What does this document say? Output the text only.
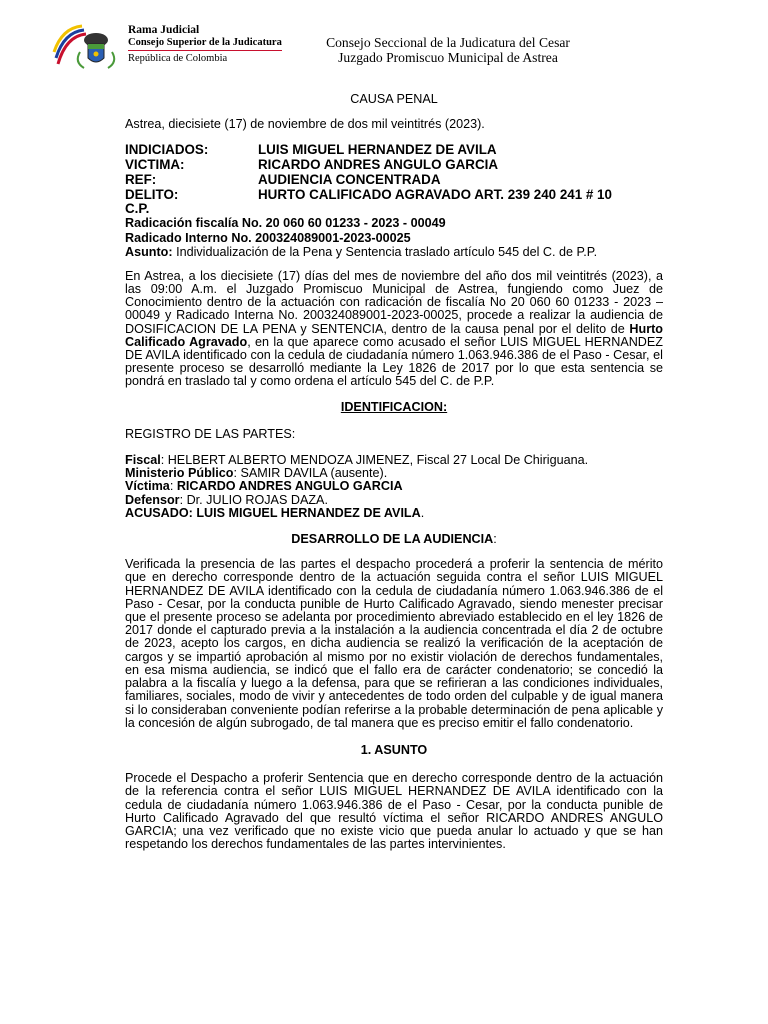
Rama Judicial
Consejo Superior de la Judicatura
República de Colombia
Consejo Seccional de la Judicatura del Cesar
Juzgado Promiscuo Municipal de Astrea

CAUSA PENAL

Astrea, diecisiete (17) de noviembre de dos mil veintitrés (2023).

INDICIADOS:	LUIS MIGUEL HERNANDEZ DE AVILA
VICTIMA:	RICARDO ANDRES ANGULO GARCIA
REF:	AUDIENCIA CONCENTRADA
DELITO:	HURTO CALIFICADO AGRAVADO ART. 239 240 241 # 10
C.P.
Radicación fiscalía No. 20 060 60 01233 - 2023 - 00049
Radicado Interno No. 200324089001-2023-00025
Asunto: Individualización de la Pena y Sentencia traslado artículo 545 del C. de P.P.

En Astrea, a los diecisiete (17) días del mes de noviembre del año dos mil veintitrés (2023), a las 09:00 A.m. el Juzgado Promiscuo Municipal de Astrea, fungiendo como Juez de Conocimiento dentro de la actuación con radicación de fiscalía No 20 060 60 01233 - 2023 – 00049 y Radicado Interna No. 200324089001-2023-00025, procede a realizar la audiencia de DOSIFICACION DE LA PENA y SENTENCIA, dentro de la causa penal por el delito de Hurto Calificado Agravado, en la que aparece como acusado el señor LUIS MIGUEL HERNANDEZ DE AVILA identificado con la cedula de ciudadanía número 1.063.946.386 de el Paso - Cesar, el presente proceso se desarrolló mediante la Ley 1826 de 2017 por lo que esta sentencia se pondrá en traslado tal y como ordena el artículo 545 del C. de P.P.

IDENTIFICACION:

REGISTRO DE LAS PARTES:

Fiscal: HELBERT ALBERTO MENDOZA JIMENEZ, Fiscal 27 Local De Chiriguana.
Ministerio Público: SAMIR DAVILA (ausente).
Víctima: RICARDO ANDRES ANGULO GARCIA
Defensor: Dr. JULIO ROJAS DAZA.
ACUSADO: LUIS MIGUEL HERNANDEZ DE AVILA.

DESARROLLO DE LA AUDIENCIA:

Verificada la presencia de las partes el despacho procederá a proferir la sentencia de mérito que en derecho corresponde dentro de la actuación seguida contra el señor LUIS MIGUEL HERNANDEZ DE AVILA identificado con la cedula de ciudadanía número 1.063.946.386 de el Paso - Cesar, por la conducta punible de Hurto Calificado Agravado, siendo menester precisar que el presente proceso se adelanta por procedimiento abreviado establecido en el ley 1826 de 2017 donde el capturado previa a la instalación a la audiencia concentrada el día 2 de octubre de 2023, acepto los cargos, en dicha audiencia se realizó la verificación de la aceptación de cargos y se impartió aprobación al mismo por no existir violación de derechos fundamentales, en esa misma audiencia, se indicó que el fallo era de carácter condenatorio; se concedió la palabra a la fiscalía y luego a la defensa, para que se refirieran a las condiciones individuales, familiares, sociales, modo de vivir y antecedentes de todo orden del culpable y de igual manera si lo consideraban conveniente podían referirse a la probable determinación de pena aplicable y la concesión de algún subrogado, de tal manera que es preciso emitir el fallo condenatorio.

1. ASUNTO

Procede el Despacho a proferir Sentencia que en derecho corresponde dentro de la actuación de la referencia contra el señor LUIS MIGUEL HERNANDEZ DE AVILA identificado con la cedula de ciudadanía número 1.063.946.386 de el Paso - Cesar, por la conducta punible de Hurto Calificado Agravado del que resultó víctima el señor RICARDO ANDRES ANGULO GARCIA; una vez verificado que no existe vicio que pueda anular lo actuado y que se han respetando los derechos fundamentales de las partes intervinientes.
